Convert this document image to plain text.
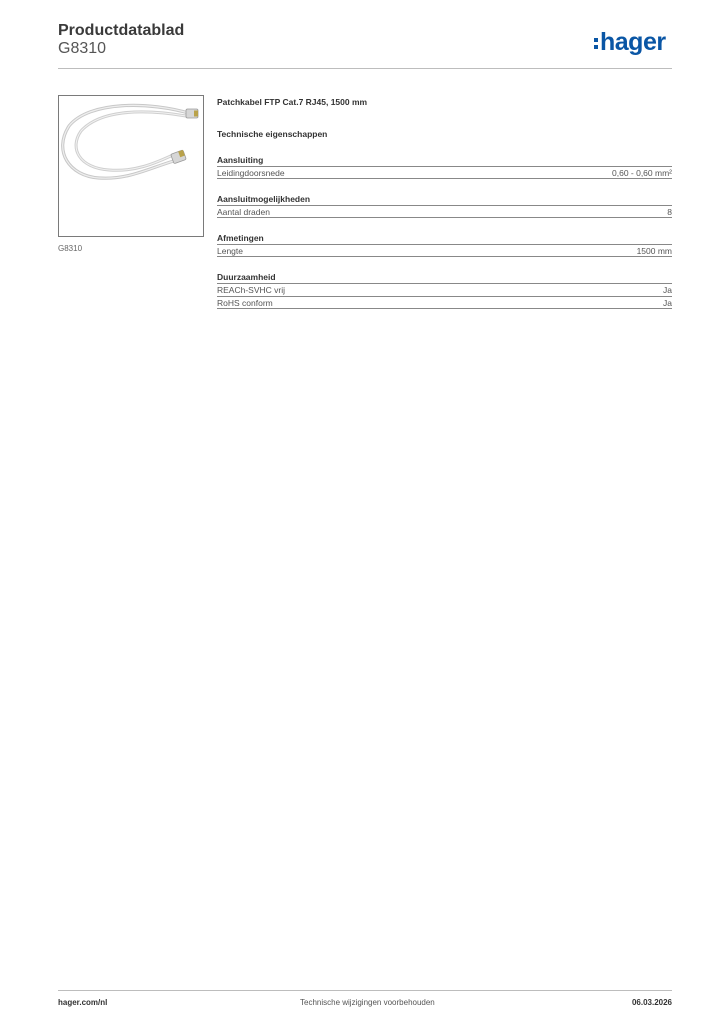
Productdatablad
G8310	hager
G8310
Patchkabel FTP Cat.7 RJ45, 1500 mm
Technische eigenschappen
Aansluiting
Leidingdoorsnede	0,60 - 0,60 mm²
Aansluitmogelijkheden
Aantal draden	8
Afmetingen
Lengte	1500 mm
Duurzaamheid
REACh-SVHC vrij	Ja
RoHS conform	Ja
hager.com/nl	Technische wijzigingen voorbehouden	06.03.2026
